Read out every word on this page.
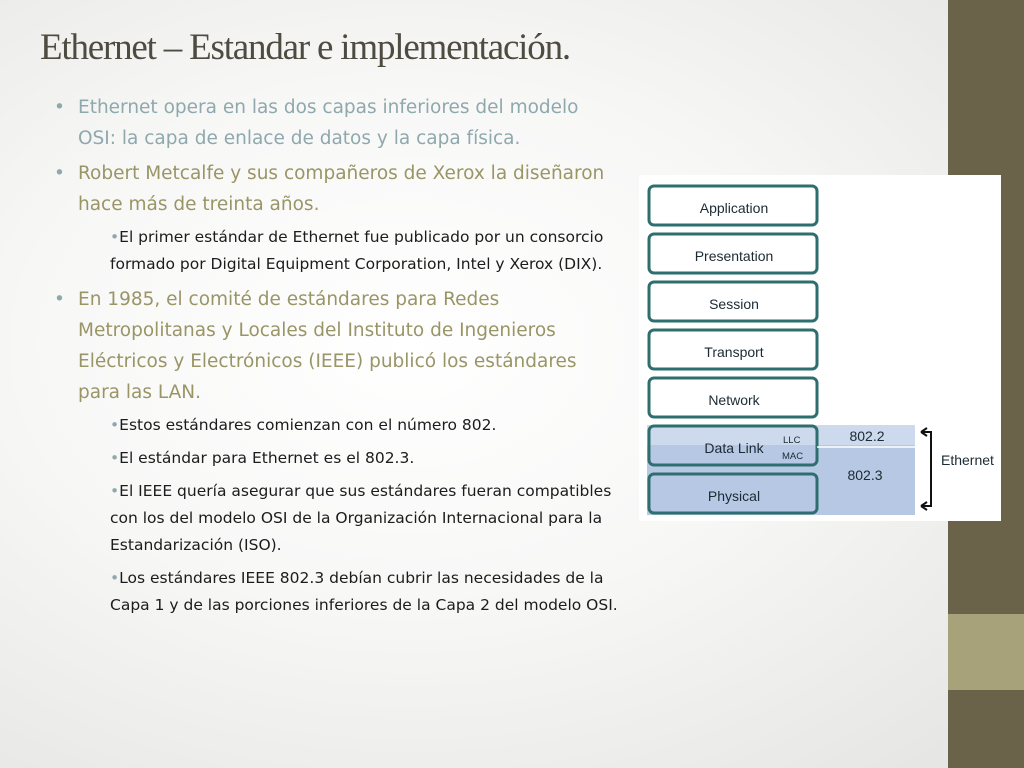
Ethernet – Estandar e implementación.
• Ethernet opera en las dos capas inferiores del modelo OSI: la capa de enlace de datos y la capa física.
• Robert Metcalfe y sus compañeros de Xerox la diseñaron hace más de treinta años.
•El primer estándar de Ethernet fue publicado por un consorcio formado por Digital Equipment Corporation, Intel y Xerox (DIX).
• En 1985, el comité de estándares para Redes Metropolitanas y Locales del Instituto de Ingenieros Eléctricos y Electrónicos (IEEE) publicó los estándares para las LAN.
•Estos estándares comienzan con el número 802.
•El estándar para Ethernet es el 802.3.
•El IEEE quería asegurar que sus estándares fueran compatibles con los del modelo OSI de la Organización Internacional para la Estandarización (ISO).
•Los estándares IEEE 802.3 debían cubrir las necesidades de la Capa 1 y de las porciones inferiores de la Capa 2 del modelo OSI.
Application
Presentation
Session
Transport
Network
Data Link LLC
MAC
Physical
802.2
802.3
Ethernet
